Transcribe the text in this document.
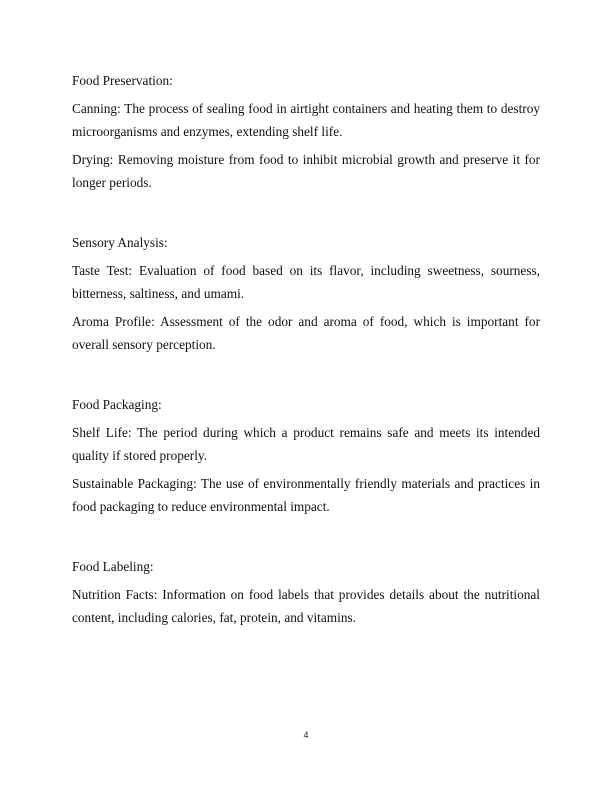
Food Preservation:

Canning: The process of sealing food in airtight containers and heating them to destroy microorganisms and enzymes, extending shelf life.

Drying: Removing moisture from food to inhibit microbial growth and preserve it for longer periods.

Sensory Analysis:

Taste Test: Evaluation of food based on its flavor, including sweetness, sourness, bitterness, saltiness, and umami.

Aroma Profile: Assessment of the odor and aroma of food, which is important for overall sensory perception.

Food Packaging:

Shelf Life: The period during which a product remains safe and meets its intended quality if stored properly.

Sustainable Packaging: The use of environmentally friendly materials and practices in food packaging to reduce environmental impact.

Food Labeling:

Nutrition Facts: Information on food labels that provides details about the nutritional content, including calories, fat, protein, and vitamins.

4
